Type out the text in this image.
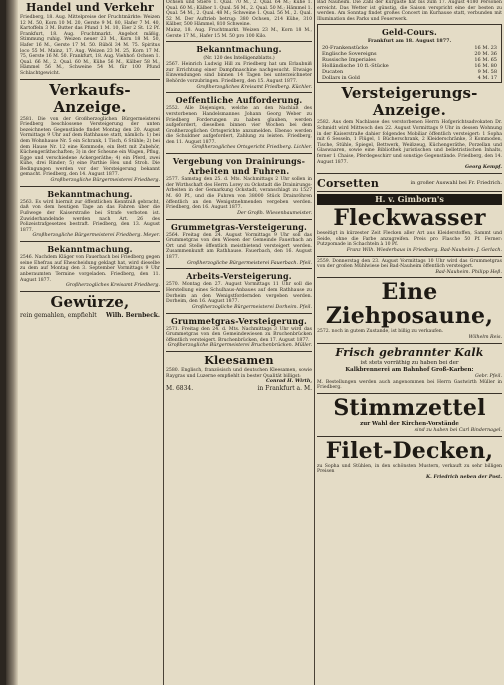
Handel und Verkehr

Friedberg, 18. Aug. Mittelpreise der Fruchtmärkte: Weizen 12 M. 50, Korn 10 M. 20, Gerste 9 M. 80, Hafer 7 M. 40, Kartoffeln 3 M. Butter das Pfund 1 M. 10, Eier 2 St. 12 Pf. Frankfurt, 18. Aug. Fruchtmarkt. Angebot mäßig, Stimmung ruhig. Weizen neuer 23 M., Korn 18 M. 50, Hafer 16 M., Gerste 17 M. 50. Rüböl 34 M. 75. Spiritus loco 55 M. Mainz, 17. Aug. Weizen 23 M. 25, Korn 17 M. 75, Gerste 16 M. 50. Frankfurt, 18. Aug. Viehhof: Ochsen 1. Qual. 66 M., 2. Qual. 60 M., Kühe 56 M., Kälber 58 M., Hämmel 56 M., Schweine 54 M. für 100 Pfund Schlachtgewicht.

Verkaufs-Anzeige.

2581. Die von der Großherzoglichen Bürgermeisterei Friedberg beschlossene Versteigerung der unten bezeichneten Gegenstände findet Montag den 20. August Vormittags 9 Uhr auf dem Rathhause statt, nämlich: 1) bei dem Wohnhause Nr. 5 ein Schrank, 1 Tisch, 6 Stühle; 2) bei dem Hause Nr. 12 eine Kommode, ein Bett mit Zubehör, Küchengeräthschaften; 3) in der Scheune ein Wagen, Pflug, Egge und verschiedene Ackergeräthe; 4) ein Pferd, zwei Kühe, drei Rinder; 5) eine Parthie Heu und Stroh. Die Bedingungen werden vor der Versteigerung bekannt gemacht. Friedberg, den 14. August 1877.

Großherzogliche Bürgermeisterei Friedberg.

Bekanntmachung.

2563. Es wird hiermit zur öffentlichen Kenntniß gebracht, daß von dem heutigen Tage an das Fahren über die Fußwege der Kaiserstraße bei Strafe verboten ist. Zuwiderhandelnde werden nach Art. 26 des Polizeistrafgesetzes bestraft. Friedberg, den 13. August 1877.

Großherzogliche Bürgermeisterei Friedberg. Meyer.

Bekanntmachung.

2546. Nachdem Kläger von Fauerbach bei Friedberg gegen seine Ehefrau auf Ehescheidung geklagt hat, wird dieselbe zu dem auf Montag den 3. September Vormittags 9 Uhr anberaumten Termine vorgeladen. Friedberg, den 11. August 1877.

Großherzogliches Kreisamt Friedberg.

Gewürze,
rein gemahlen, empfiehlt Wilh. Bernbeck.

Ochsen und Stiere 1. Qual. 70 M., 2. Qual. 64 M.; Kühe 1. Qual. 60 M.; Kälber 1. Qual. 56 M., 2. Qual. 50 M.; Hämmel 1. Qual. 54 M., 2. Qual. 48 M.; Schweine 1. Qual. 56 M., 2. Qual. 52 M. Der Auftrieb betrug: 380 Ochsen, 214 Kühe, 310 Kälber, 500 Hämmel, 810 Schweine.

Mainz, 18. Aug. Fruchtmarkt. Weizen 23 M., Korn 18 M., Gerste 17 M., Hafer 15 M. 50 pro 100 Kilo.

Bekanntmachung.

(Nr. 120 des Intelligenzblatts.)

2567. Heinrich Ludwig Hill zu Friedberg hat um Erlaubniß zur Errichtung einer Dampfmaschine nachgesucht. Etwaige Einwendungen sind binnen 14 Tagen bei unterzeichneter Behörde vorzubringen. Friedberg, den 15. August 1877.

Großherzogliches Kreisamt Friedberg. Küchler.

Oeffentliche Aufforderung.

2552. Alle Diejenigen, welche an den Nachlaß des verstorbenen Handelsmannes Johann Georg Weber zu Friedberg Forderungen zu haben glauben, werden aufgefordert, dieselben binnen vier Wochen bei dem Großherzoglichen Ortsgerichte anzumelden. Ebenso werden die Schuldner aufgefordert, Zahlung zu leisten. Friedberg, den 11. August 1877.

Großherzogliches Ortsgericht Friedberg. Lichler.

Vergebung von Drainirungs-Arbeiten und Fuhren.

2577. Samstag den 25. d. Mts. Nachmittags 2 Uhr sollen in der Wirthschaft des Herrn Lorey zu Ockstadt die Drainirungs-Arbeiten in der Gemarkung Ockstadt, veranschlagt zu 1527 M. 60 Pf., und die Fuhren von 38000 Stück Drainröhren öffentlich an den Wenigstnehmenden vergeben werden. Friedberg, den 16. August 1877.

Der Großh. Wiesenbaumeister.

Grummetgras-Versteigerung.

2564. Freitag den 24. August Vormittags 9 Uhr soll das Grummetgras von den Wiesen der Gemeinde Fauerbach an Ort und Stelle öffentlich meistbietend versteigert werden. Zusammenkunft am Rathhause. Fauerbach, den 16. August 1877.

Großherzogliche Bürgermeisterei Fauerbach. Pfeil.

Arbeits-Versteigerung.

2570. Montag den 27. August Vormittags 11 Uhr soll die Herstellung eines Schulhaus-Anbaues auf dem Rathhause zu Dorheim an den Wenigstfordernden vergeben werden. Dorheim, den 16. August 1877.

Großherzogliche Bürgermeisterei Dorheim. Pfeil.

Grummetgras-Versteigerung.

2571. Freitag den 24. d. Mts. Nachmittags 3 Uhr wird das Grummetgras von den Gemeindewiesen zu Bruchenbrücken öffentlich versteigert. Bruchenbrücken, den 17. August 1877.

Großherzogliche Bürgermeisterei Bruchenbrücken. Müller.

Kleesamen

2580. Englisch, französisch und deutschen Kleesamen, sowie Raygras und Luzerne empfiehlt in bester Qualität billigst:

Conrad H. Wirth,

M. 6834.	in Frankfurt a. M.

Bad Nauheim. Die Zahl der Kurgäste hat bis zum 17. August 4180 Personen erreicht. Das Wetter ist günstig, die Saison verspricht eine der besten zu werden. Am Sonntag findet großes Concert im Kurhause statt, verbunden mit Illumination des Parks und Feuerwerk.

Geld-Cours.

Frankfurt am 18. August 1877.

20-Frankenstücke	16 M. 23
Englische Sovereigns	20 M. 36
Russische Imperiales	16 M. 65
Holländische 10 fl.-Stücke	16 M. 80
Ducaten	9 M. 58
Dollars in Gold	4 M. 17
Versteigerungs-Anzeige.

2582. Aus dem Nachlasse des verstorbenen Herrn Hofgerichtsadvokaten Dr. Schmidt wird Mittwoch den 22. August Vormittags 9 Uhr in dessen Wohnung in der Kaiserstraße dahier folgendes Mobiliar öffentlich versteigert: 1 Sopha mit 6 Sesseln, 1 Flügel, 1 Bücherschrank, 2 Kleiderschränke, 3 Kommoden, Tische, Stühle, Spiegel, Bettwerk, Weißzeug, Küchengeräthe, Porzellan und Glaswaaren, sowie eine Bibliothek juristischen und belletristischen Inhalts, ferner 1 Chaise, Pferdegeschirr und sonstige Gegenstände. Friedberg, den 14. August 1877.

Georg Kempf.

Corsetten	in großer Auswahl bei Fr. Friedrich.
H. v. Gimborn's
Fleckwasser

beseitigt in kürzester Zeit Flecken aller Art aus Kleiderstoffen, Sammt und Seide, ohne die Farbe anzugreifen. Preis pro Flasche 50 Pf. Ferner: Putzpomade in Schachteln à 10 Pf.

Franz Wilh. Wiederhaus in Friedberg. Bad-Nauheim: J. Gerlach.

2559. Donnerstag den 23. August Vormittags 10 Uhr wird das Grummetgras von der großen Mühlwiese bei Bad-Nauheim öffentlich versteigert.

Bad-Nauheim. Philipp Heß.

Eine Ziehposaune,

2572. noch in gutem Zustande, ist billig zu verkaufen.

Wilhelm Reis.

Frisch gebrannter Kalk

ist stets vorräthig zu haben bei der

Kalkbrennerei am Bahnhof Groß-Karben:

Gebr. Pfeil.

M. Bestellungen werden auch angenommen bei Herrn Gastwirth Müller in Friedberg.

Stimmzettel

zur Wahl der Kirchen-Vorstände

sind zu haben bei Carl Bindernagel.

Filet-Decken,

zu Sopha und Stühlen, in den schönsten Mustern, verkauft zu sehr billigen Preisen

K. Friedrich neben der Post.
